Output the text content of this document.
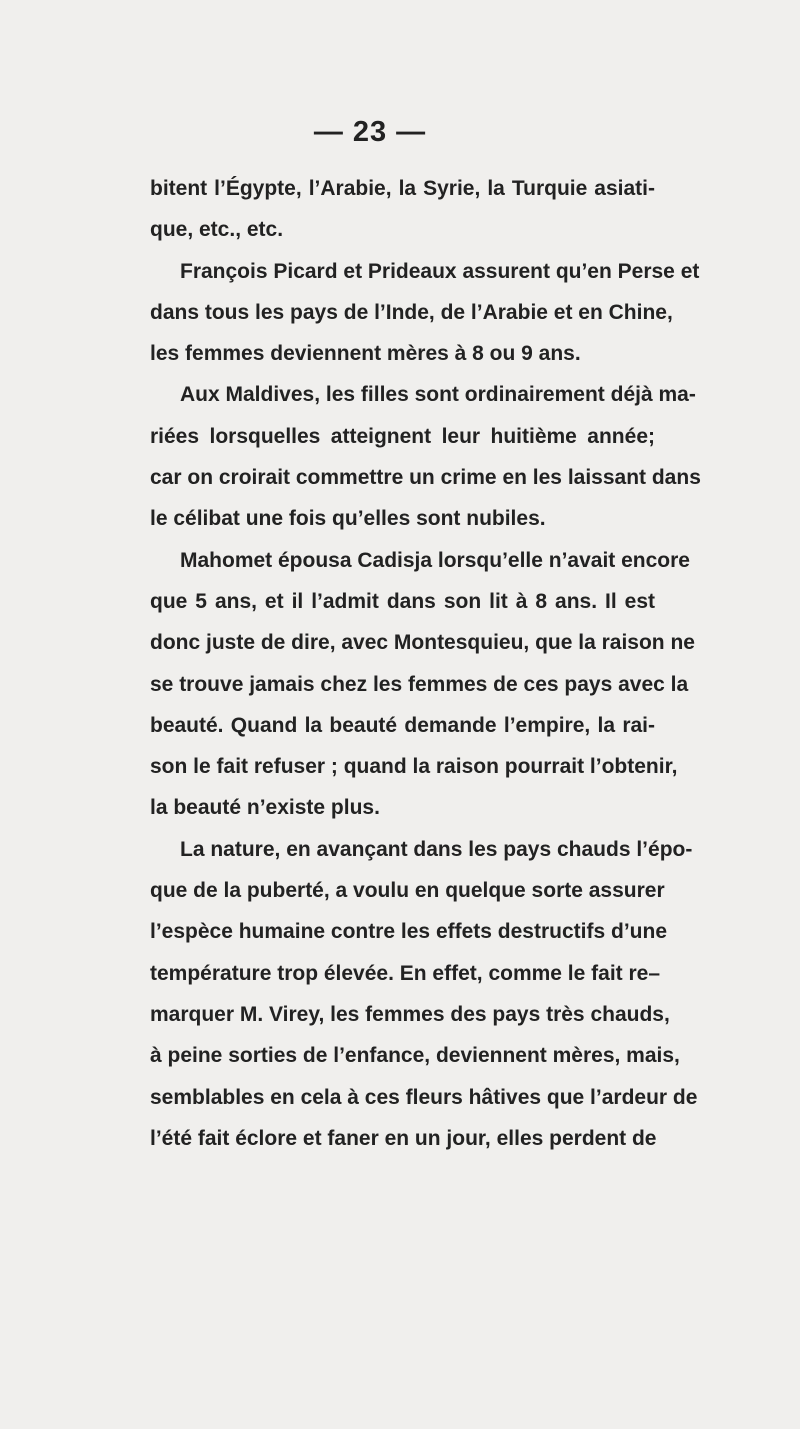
— 23 —
bitent l’Égypte, l’Arabie, la Syrie, la Turquie asiati-
que, etc., etc.
François Picard et Prideaux assurent qu’en Perse et
dans tous les pays de l’Inde, de l’Arabie et en Chine,
les femmes deviennent mères à 8 ou 9 ans.
Aux Maldives, les filles sont ordinairement déjà ma-
riées lorsquelles atteignent leur huitième année;
car on croirait commettre un crime en les laissant dans
le célibat une fois qu’elles sont nubiles.
Mahomet épousa Cadisja lorsqu’elle n’avait encore
que 5 ans, et il l’admit dans son lit à 8 ans. Il est
donc juste de dire, avec Montesquieu, que la raison ne
se trouve jamais chez les femmes de ces pays avec la
beauté. Quand la beauté demande l’empire, la rai-
son le fait refuser ; quand la raison pourrait l’obtenir,
la beauté n’existe plus.
La nature, en avançant dans les pays chauds l’épo-
que de la puberté, a voulu en quelque sorte assurer
l’espèce humaine contre les effets destructifs d’une
température trop élevée. En effet, comme le fait re–
marquer M. Virey, les femmes des pays très chauds,
à peine sorties de l’enfance, deviennent mères, mais,
semblables en cela à ces fleurs hâtives que l’ardeur de
l’été fait éclore et faner en un jour, elles perdent de
